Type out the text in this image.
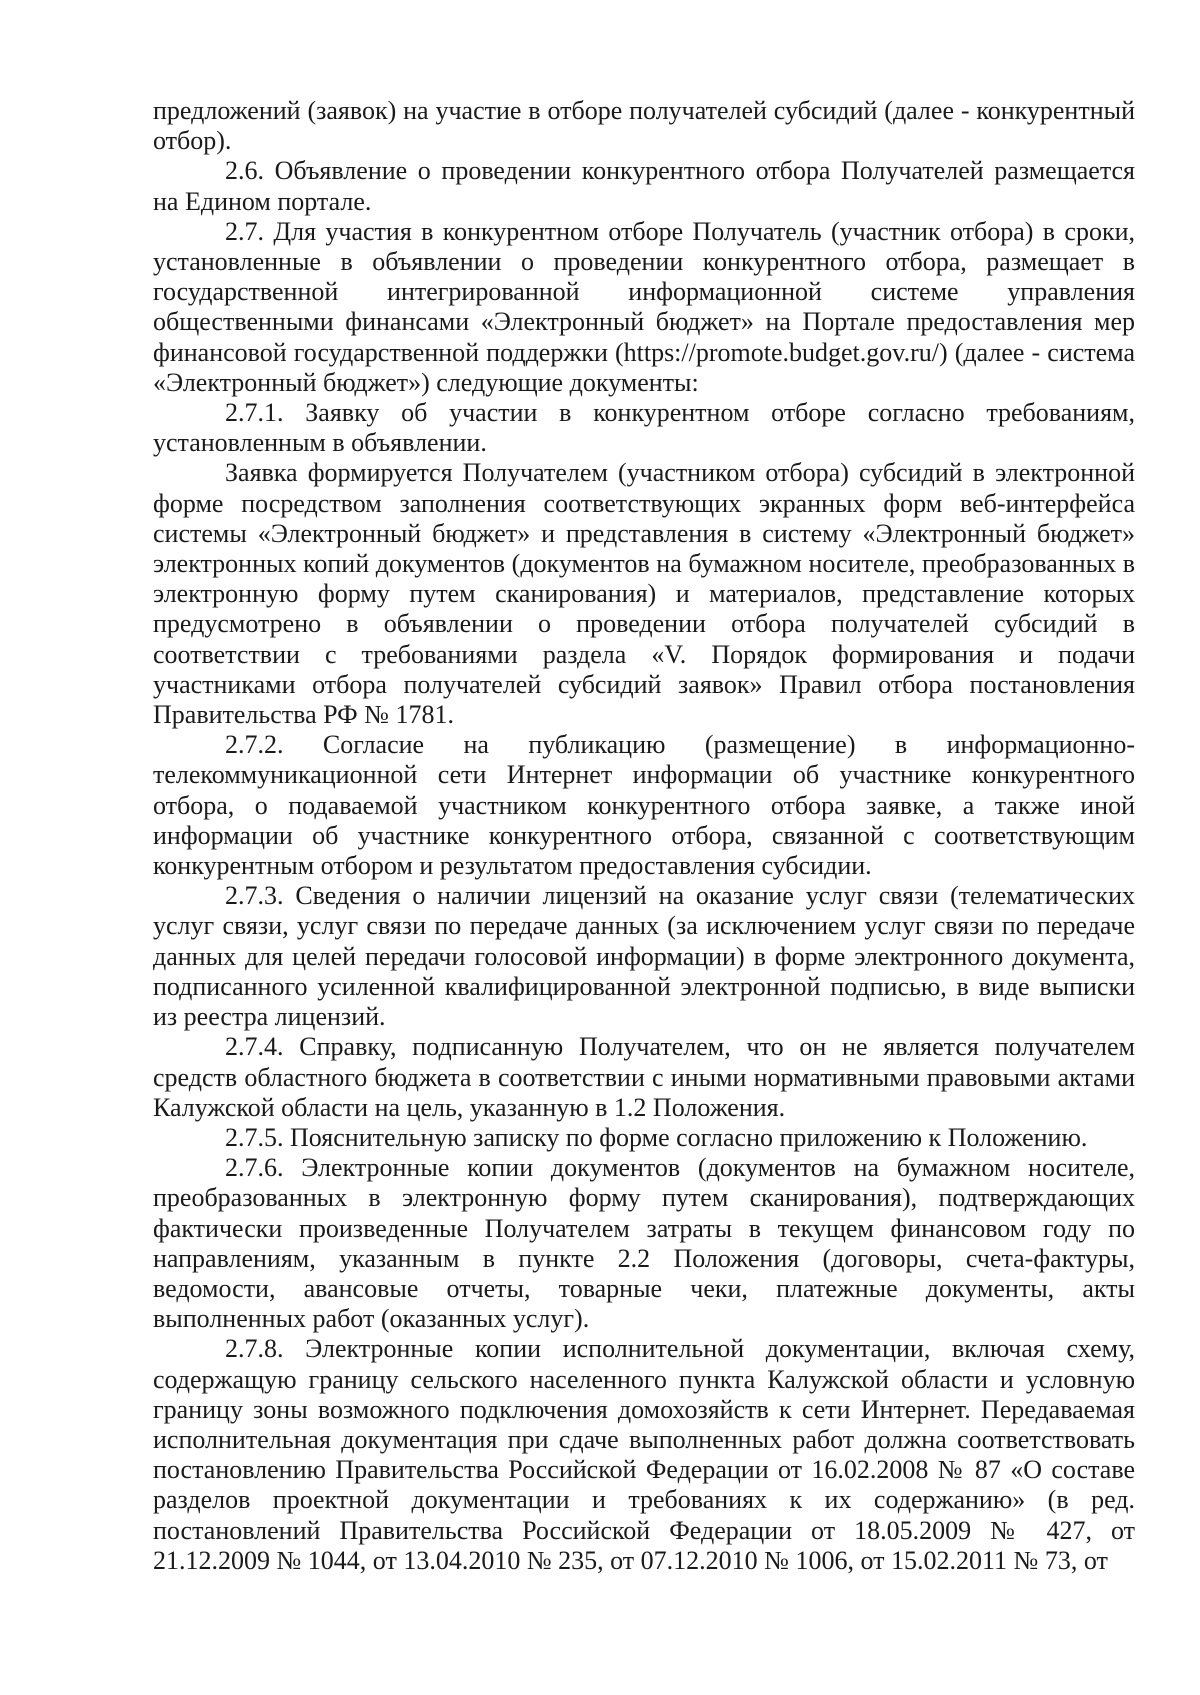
предложений (заявок) на участие в отборе получателей субсидий (далее - конкурентный отбор).

2.6. Объявление о проведении конкурентного отбора Получателей размещается на Едином портале.

2.7. Для участия в конкурентном отборе Получатель (участник отбора) в сроки, установленные в объявлении о проведении конкурентного отбора, размещает в государственной интегрированной информационной системе управления общественными финансами «Электронный бюджет» на Портале предоставления мер финансовой государственной поддержки (https://promote.budget.gov.ru/) (далее - система «Электронный бюджет») следующие документы:

2.7.1. Заявку об участии в конкурентном отборе согласно требованиям, установленным в объявлении.

Заявка формируется Получателем (участником отбора) субсидий в электронной форме посредством заполнения соответствующих экранных форм веб-интерфейса системы «Электронный бюджет» и представления в систему «Электронный бюджет» электронных копий документов (документов на бумажном носителе, преобразованных в электронную форму путем сканирования) и материалов, представление которых предусмотрено в объявлении о проведении отбора получателей субсидий в соответствии с требованиями раздела «V. Порядок формирования и подачи участниками отбора получателей субсидий заявок» Правил отбора постановления Правительства РФ № 1781.

2.7.2. Согласие на публикацию (размещение) в информационно-телекоммуникационной сети Интернет информации об участнике конкурентного отбора, о подаваемой участником конкурентного отбора заявке, а также иной информации об участнике конкурентного отбора, связанной с соответствующим конкурентным отбором и результатом предоставления субсидии.

2.7.3. Сведения о наличии лицензий на оказание услуг связи (телематических услуг связи, услуг связи по передаче данных (за исключением услуг связи по передаче данных для целей передачи голосовой информации) в форме электронного документа, подписанного усиленной квалифицированной электронной подписью, в виде выписки из реестра лицензий.

2.7.4. Справку, подписанную Получателем, что он не является получателем средств областного бюджета в соответствии с иными нормативными правовыми актами Калужской области на цель, указанную в 1.2 Положения.

2.7.5. Пояснительную записку по форме согласно приложению к Положению.

2.7.6. Электронные копии документов (документов на бумажном носителе, преобразованных в электронную форму путем сканирования), подтверждающих фактически произведенные Получателем затраты в текущем финансовом году по направлениям, указанным в пункте 2.2 Положения (договоры, счета-фактуры, ведомости, авансовые отчеты, товарные чеки, платежные документы, акты выполненных работ (оказанных услуг).

2.7.8. Электронные копии исполнительной документации, включая схему, содержащую границу сельского населенного пункта Калужской области и условную границу зоны возможного подключения домохозяйств к сети Интернет. Передаваемая исполнительная документация при сдаче выполненных работ должна соответствовать постановлению Правительства Российской Федерации от 16.02.2008 № 87 «О составе разделов проектной документации и требованиях к их содержанию» (в ред. постановлений Правительства Российской Федерации от 18.05.2009 № 427, от 21.12.2009 № 1044, от 13.04.2010 № 235, от 07.12.2010 № 1006, от 15.02.2011 № 73, от
